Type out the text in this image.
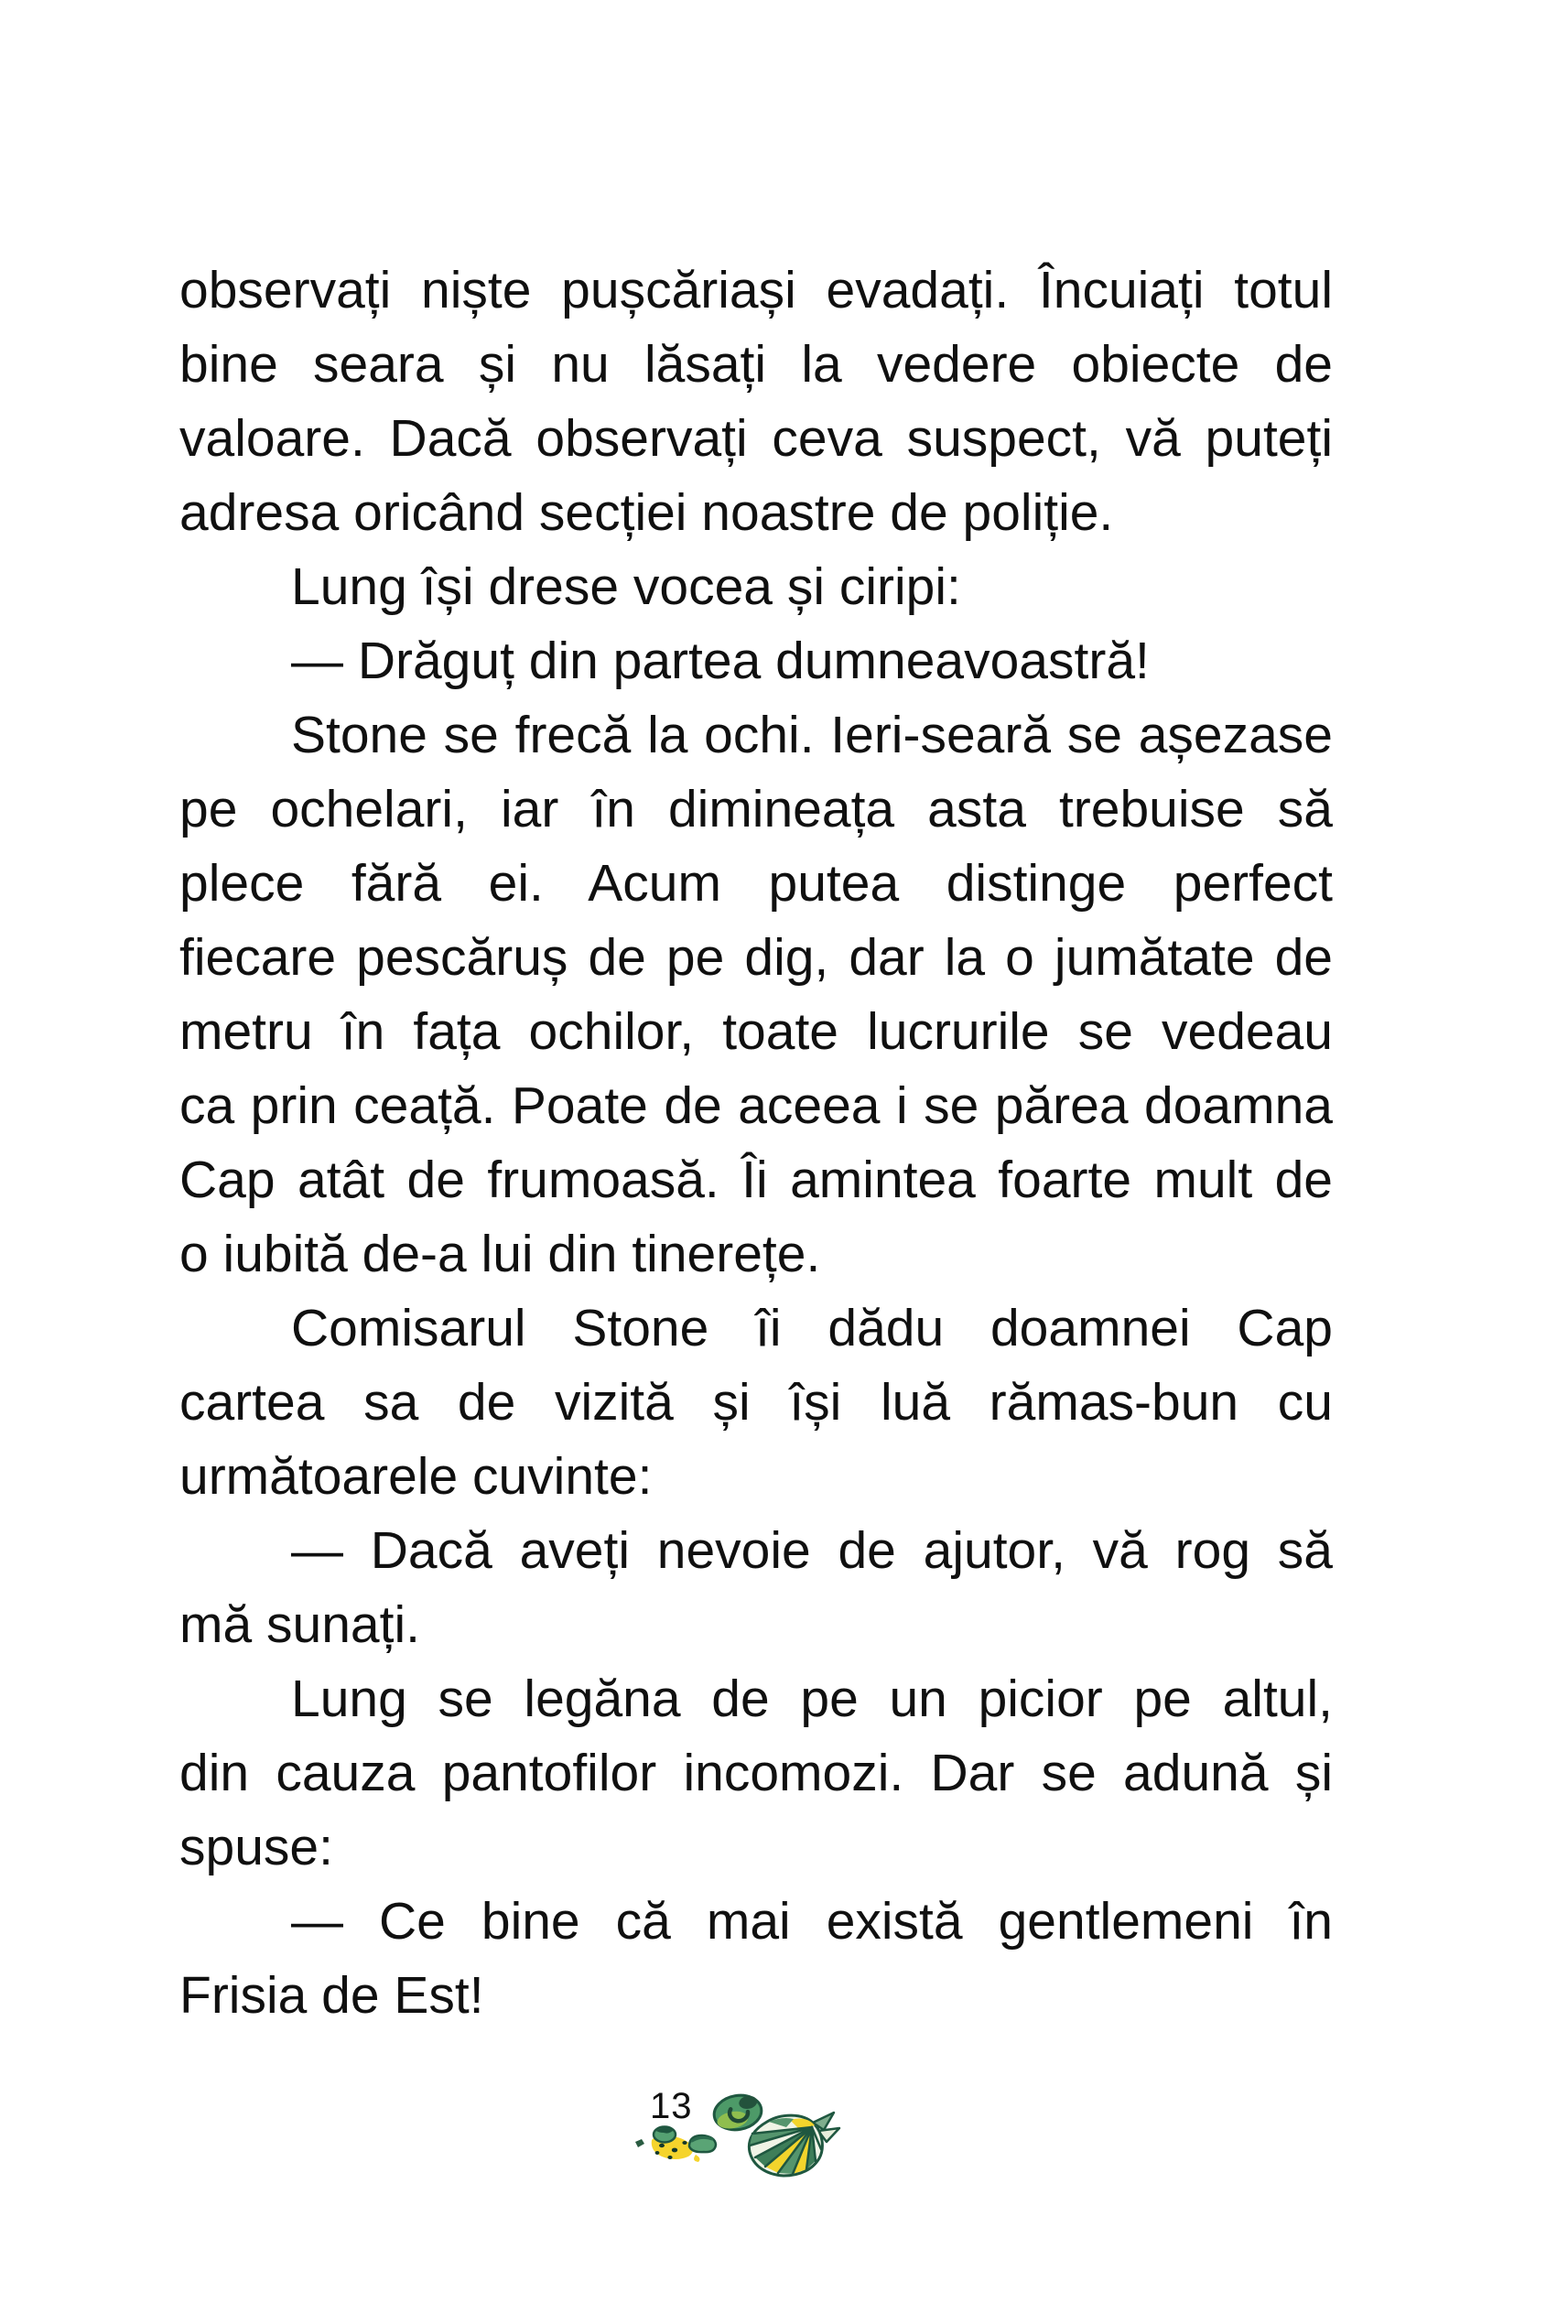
observați niște pușcăriași evadați. Încuiați totul
bine seara și nu lăsați la vedere obiecte de
valoare. Dacă observați ceva suspect, vă puteți
adresa oricând secției noastre de poliție.
Lung își drese vocea și ciripi:
— Drăguț din partea dumneavoastră!
Stone se frecă la ochi. Ieri-seară se așezase
pe ochelari, iar în dimineața asta trebuise să
plece fără ei. Acum putea distinge perfect
fiecare pescăruș de pe dig, dar la o jumătate de
metru în fața ochilor, toate lucrurile se vedeau
ca prin ceață. Poate de aceea i se părea doamna
Cap atât de frumoasă. Îi amintea foarte mult de
o iubită de-a lui din tinerețe.
Comisarul Stone îi dădu doamnei Cap
cartea sa de vizită și își luă rămas-bun cu
următoarele cuvinte:
— Dacă aveți nevoie de ajutor, vă rog să
mă sunați.
Lung se legăna de pe un picior pe altul,
din cauza pantofilor incomozi. Dar se adună și
spuse:
— Ce bine că mai există gentlemeni în
Frisia de Est!
13
